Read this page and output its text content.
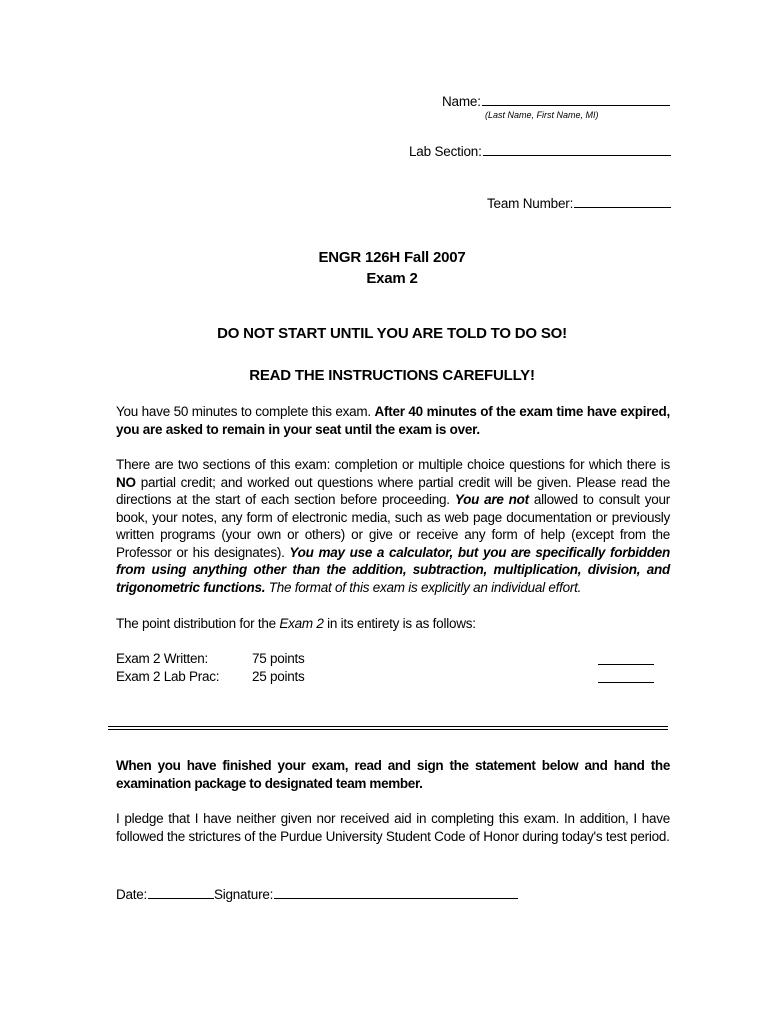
Name:
(Last Name, First Name, MI)
Lab Section:
Team Number:
ENGR 126H Fall 2007
Exam 2
DO NOT START UNTIL YOU ARE TOLD TO DO SO!
READ THE INSTRUCTIONS CAREFULLY!
You have 50 minutes to complete this exam. After 40 minutes of the exam time have expired, you are asked to remain in your seat until the exam is over.
There are two sections of this exam: completion or multiple choice questions for which there is NO partial credit; and worked out questions where partial credit will be given. Please read the directions at the start of each section before proceeding. You are not allowed to consult your book, your notes, any form of electronic media, such as web page documentation or previously written programs (your own or others) or give or receive any form of help (except from the Professor or his designates). You may use a calculator, but you are specifically forbidden from using anything other than the addition, subtraction, multiplication, division, and trigonometric functions. The format of this exam is explicitly an individual effort.
The point distribution for the Exam 2 in its entirety is as follows:
Exam 2 Written:	75 points
Exam 2 Lab Prac: 25 points
When you have finished your exam, read and sign the statement below and hand the examination package to designated team member.
I pledge that I have neither given nor received aid in completing this exam. In addition, I have followed the strictures of the Purdue University Student Code of Honor during today's test period.
Date:	Signature:
